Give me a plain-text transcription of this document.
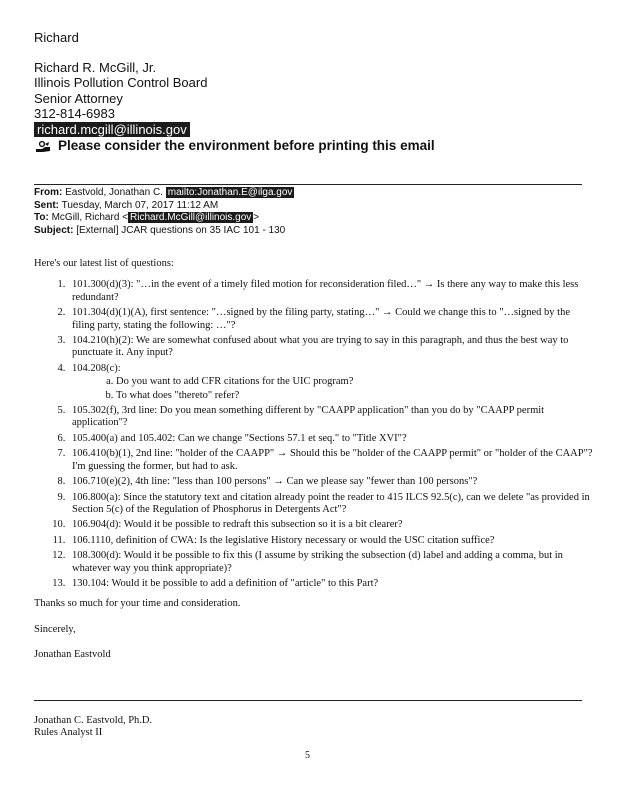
Richard
Richard R. McGill, Jr.
Illinois Pollution Control Board
Senior Attorney
312-814-6983
richard.mcgill@illinois.gov
Please consider the environment before printing this email
From: Eastvold, Jonathan C. mailto:Jonathan.E@ilga.gov
Sent: Tuesday, March 07, 2017 11:12 AM
To: McGill, Richard < Richard.McGill@illinois.gov >
Subject: [External] JCAR questions on 35 IAC 101 - 130
Here's our latest list of questions:
1. 101.300(d)(3): "…in the event of a timely filed motion for reconsideration filed…" → Is there any way to make this less redundant?
2. 101.304(d)(1)(A), first sentence: "…signed by the filing party, stating…" → Could we change this to "…signed by the filing party, stating the following: …"?
3. 104.210(h)(2): We are somewhat confused about what you are trying to say in this paragraph, and thus the best way to punctuate it. Any input?
4. 104.208(c):
a. Do you want to add CFR citations for the UIC program?
b. To what does "thereto" refer?
5. 105.302(f), 3rd line: Do you mean something different by "CAAPP application" than you do by "CAAPP permit application"?
6. 105.400(a) and 105.402: Can we change "Sections 57.1 et seq." to "Title XVI"?
7. 106.410(b)(1), 2nd line: "holder of the CAAPP" → Should this be "holder of the CAAPP permit" or "holder of the CAAP"? I'm guessing the former, but had to ask.
8. 106.710(e)(2), 4th line: "less than 100 persons" → Can we please say "fewer than 100 persons"?
9. 106.800(a): Since the statutory text and citation already point the reader to 415 ILCS 92.5(c), can we delete "as provided in Section 5(c) of the Regulation of Phosphorus in Detergents Act"?
10. 106.904(d): Would it be possible to redraft this subsection so it is a bit clearer?
11. 106.1110, definition of CWA: Is the legislative History necessary or would the USC citation suffice?
12. 108.300(d): Would it be possible to fix this (I assume by striking the subsection (d) label and adding a comma, but in whatever way you think appropriate)?
13. 130.104: Would it be possible to add a definition of "article" to this Part?
Thanks so much for your time and consideration.
Sincerely,
Jonathan Eastvold
Jonathan C. Eastvold, Ph.D.
Rules Analyst II
5
